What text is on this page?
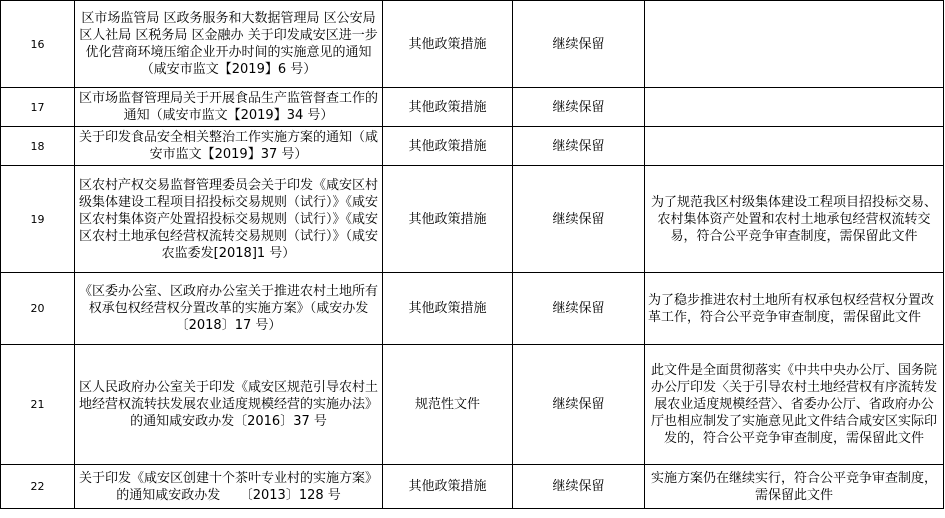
16	区市场监管局 区政务服务和大数据管理局 区公安局 区人社局 区税务局 区金融办 关于印发咸安区进一步优化营商环境压缩企业开办时间的实施意见的通知（咸安市监文【2019】6 号）	其他政策措施	继续保留	
17	区市场监督管理局关于开展食品生产监管督查工作的通知（咸安市监文【2019】34 号）	其他政策措施	继续保留	
18	关于印发食品安全相关整治工作实施方案的通知（咸安市监文【2019】37 号）	其他政策措施	继续保留	
19	区农村产权交易监督管理委员会关于印发《咸安区村级集体建设工程项目招投标交易规则（试行）》《咸安区农村集体资产处置招投标交易规则（试行）》《咸安区农村土地承包经营权流转交易规则（试行）》（咸安农监委发[2018]1 号）	其他政策措施	继续保留	为了规范我区村级集体建设工程项目招投标交易、农村集体资产处置和农村土地承包经营权流转交易，符合公平竞争审查制度，需保留此文件
20	《区委办公室、区政府办公室关于推进农村土地所有权承包权经营权分置改革的实施方案》（咸安办发〔2018〕17 号）	其他政策措施	继续保留	为了稳步推进农村土地所有权承包权经营权分置改革工作，符合公平竞争审查制度，需保留此文件
21	区人民政府办公室关于印发《咸安区规范引导农村土地经营权流转扶发展农业适度规模经营的实施办法》的通知咸安政办发〔2016〕37 号	规范性文件	继续保留	此文件是全面贯彻落实《中共中央办公厅、国务院办公厅印发〈关于引导农村土地经营权有序流转发展农业适度规模经营〉、省委办公厅、省政府办公厅也相应制发了实施意见此文件结合咸安区实际印发的，符合公平竞争审查制度，需保留此文件
22	关于印发《咸安区创建十个茶叶专业村的实施方案》的通知咸安政办发　　〔2013〕128 号	其他政策措施	继续保留	实施方案仍在继续实行，符合公平竞争审查制度，需保留此文件
